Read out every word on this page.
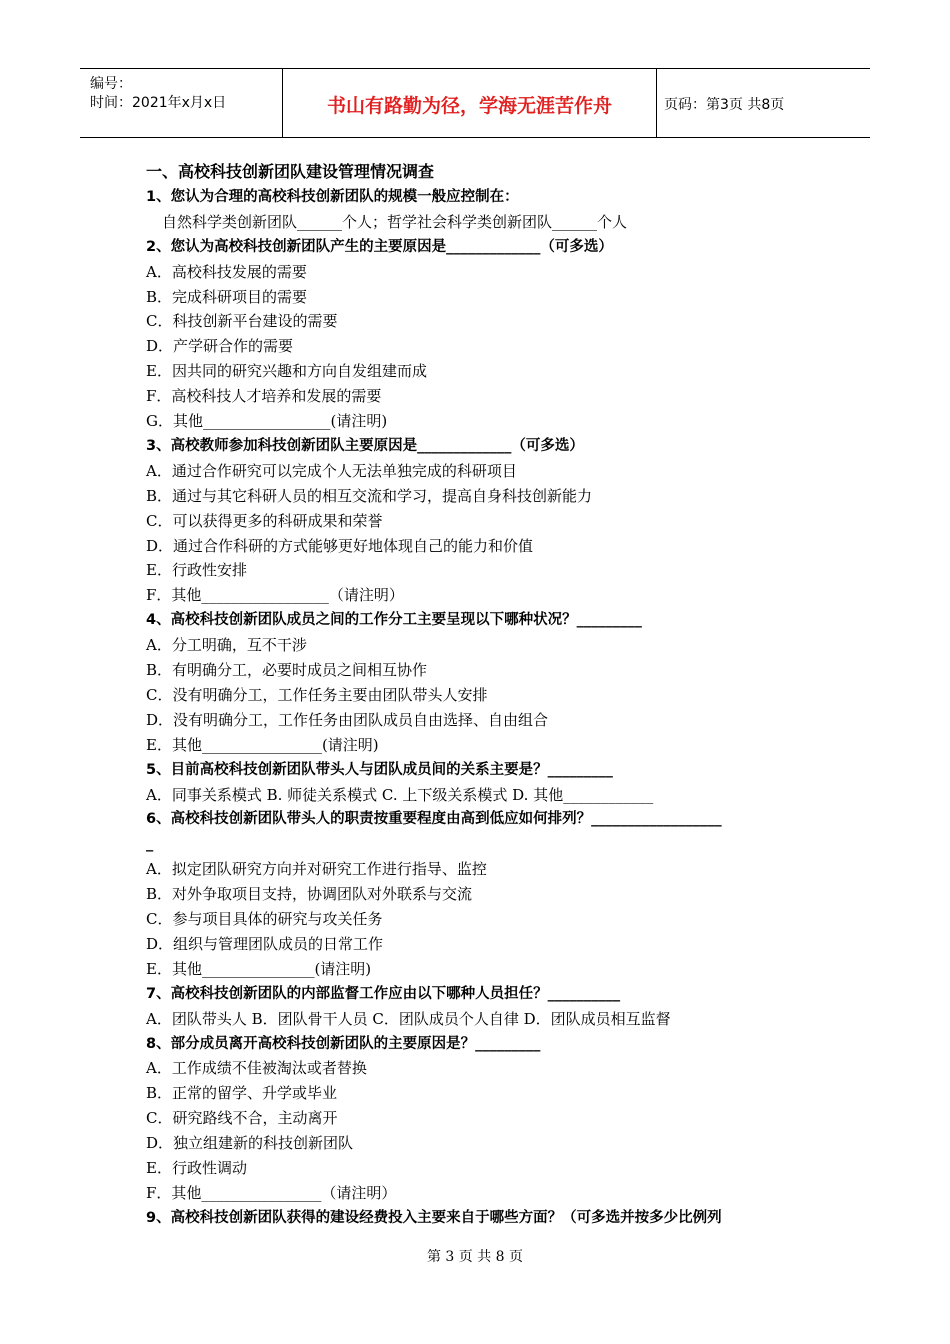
编号：
时间：2021年x月x日	书山有路勤为径，学海无涯苦作舟	页码：第3页 共8页
一、高校科技创新团队建设管理情况调查
1、您认为合理的高校科技创新团队的规模一般应控制在：
自然科学类创新团队______个人；哲学社会科学类创新团队______个人
2、您认为高校科技创新团队产生的主要原因是_____________（可多选）
A．高校科技发展的需要
B．完成科研项目的需要
C．科技创新平台建设的需要
D．产学研合作的需要
E．因共同的研究兴趣和方向自发组建而成
F．高校科技人才培养和发展的需要
G．其他_________________(请注明)
3、高校教师参加科技创新团队主要原因是_____________（可多选）
A．通过合作研究可以完成个人无法单独完成的科研项目
B．通过与其它科研人员的相互交流和学习，提高自身科技创新能力
C．可以获得更多的科研成果和荣誉
D．通过合作科研的方式能够更好地体现自己的能力和价值
E．行政性安排
F．其他_________________（请注明）
4、高校科技创新团队成员之间的工作分工主要呈现以下哪种状况？_________
A．分工明确，互不干涉
B．有明确分工，必要时成员之间相互协作
C．没有明确分工，工作任务主要由团队带头人安排
D．没有明确分工，工作任务由团队成员自由选择、自由组合
E．其他________________(请注明)
5、目前高校科技创新团队带头人与团队成员间的关系主要是？_________
A．同事关系模式 B. 师徒关系模式 C. 上下级关系模式 D. 其他____________
6、高校科技创新团队带头人的职责按重要程度由高到低应如何排列？__________________
_
A．拟定团队研究方向并对研究工作进行指导、监控
B．对外争取项目支持，协调团队对外联系与交流
C．参与项目具体的研究与攻关任务
D．组织与管理团队成员的日常工作
E．其他_______________(请注明)
7、高校科技创新团队的内部监督工作应由以下哪种人员担任？__________
A．团队带头人 B．团队骨干人员 C．团队成员个人自律 D．团队成员相互监督
8、部分成员离开高校科技创新团队的主要原因是？_________
A．工作成绩不佳被淘汰或者替换
B．正常的留学、升学或毕业
C．研究路线不合，主动离开
D．独立组建新的科技创新团队
E．行政性调动
F．其他________________（请注明）
9、高校科技创新团队获得的建设经费投入主要来自于哪些方面？（可多选并按多少比例列
第 3 页 共 8 页
